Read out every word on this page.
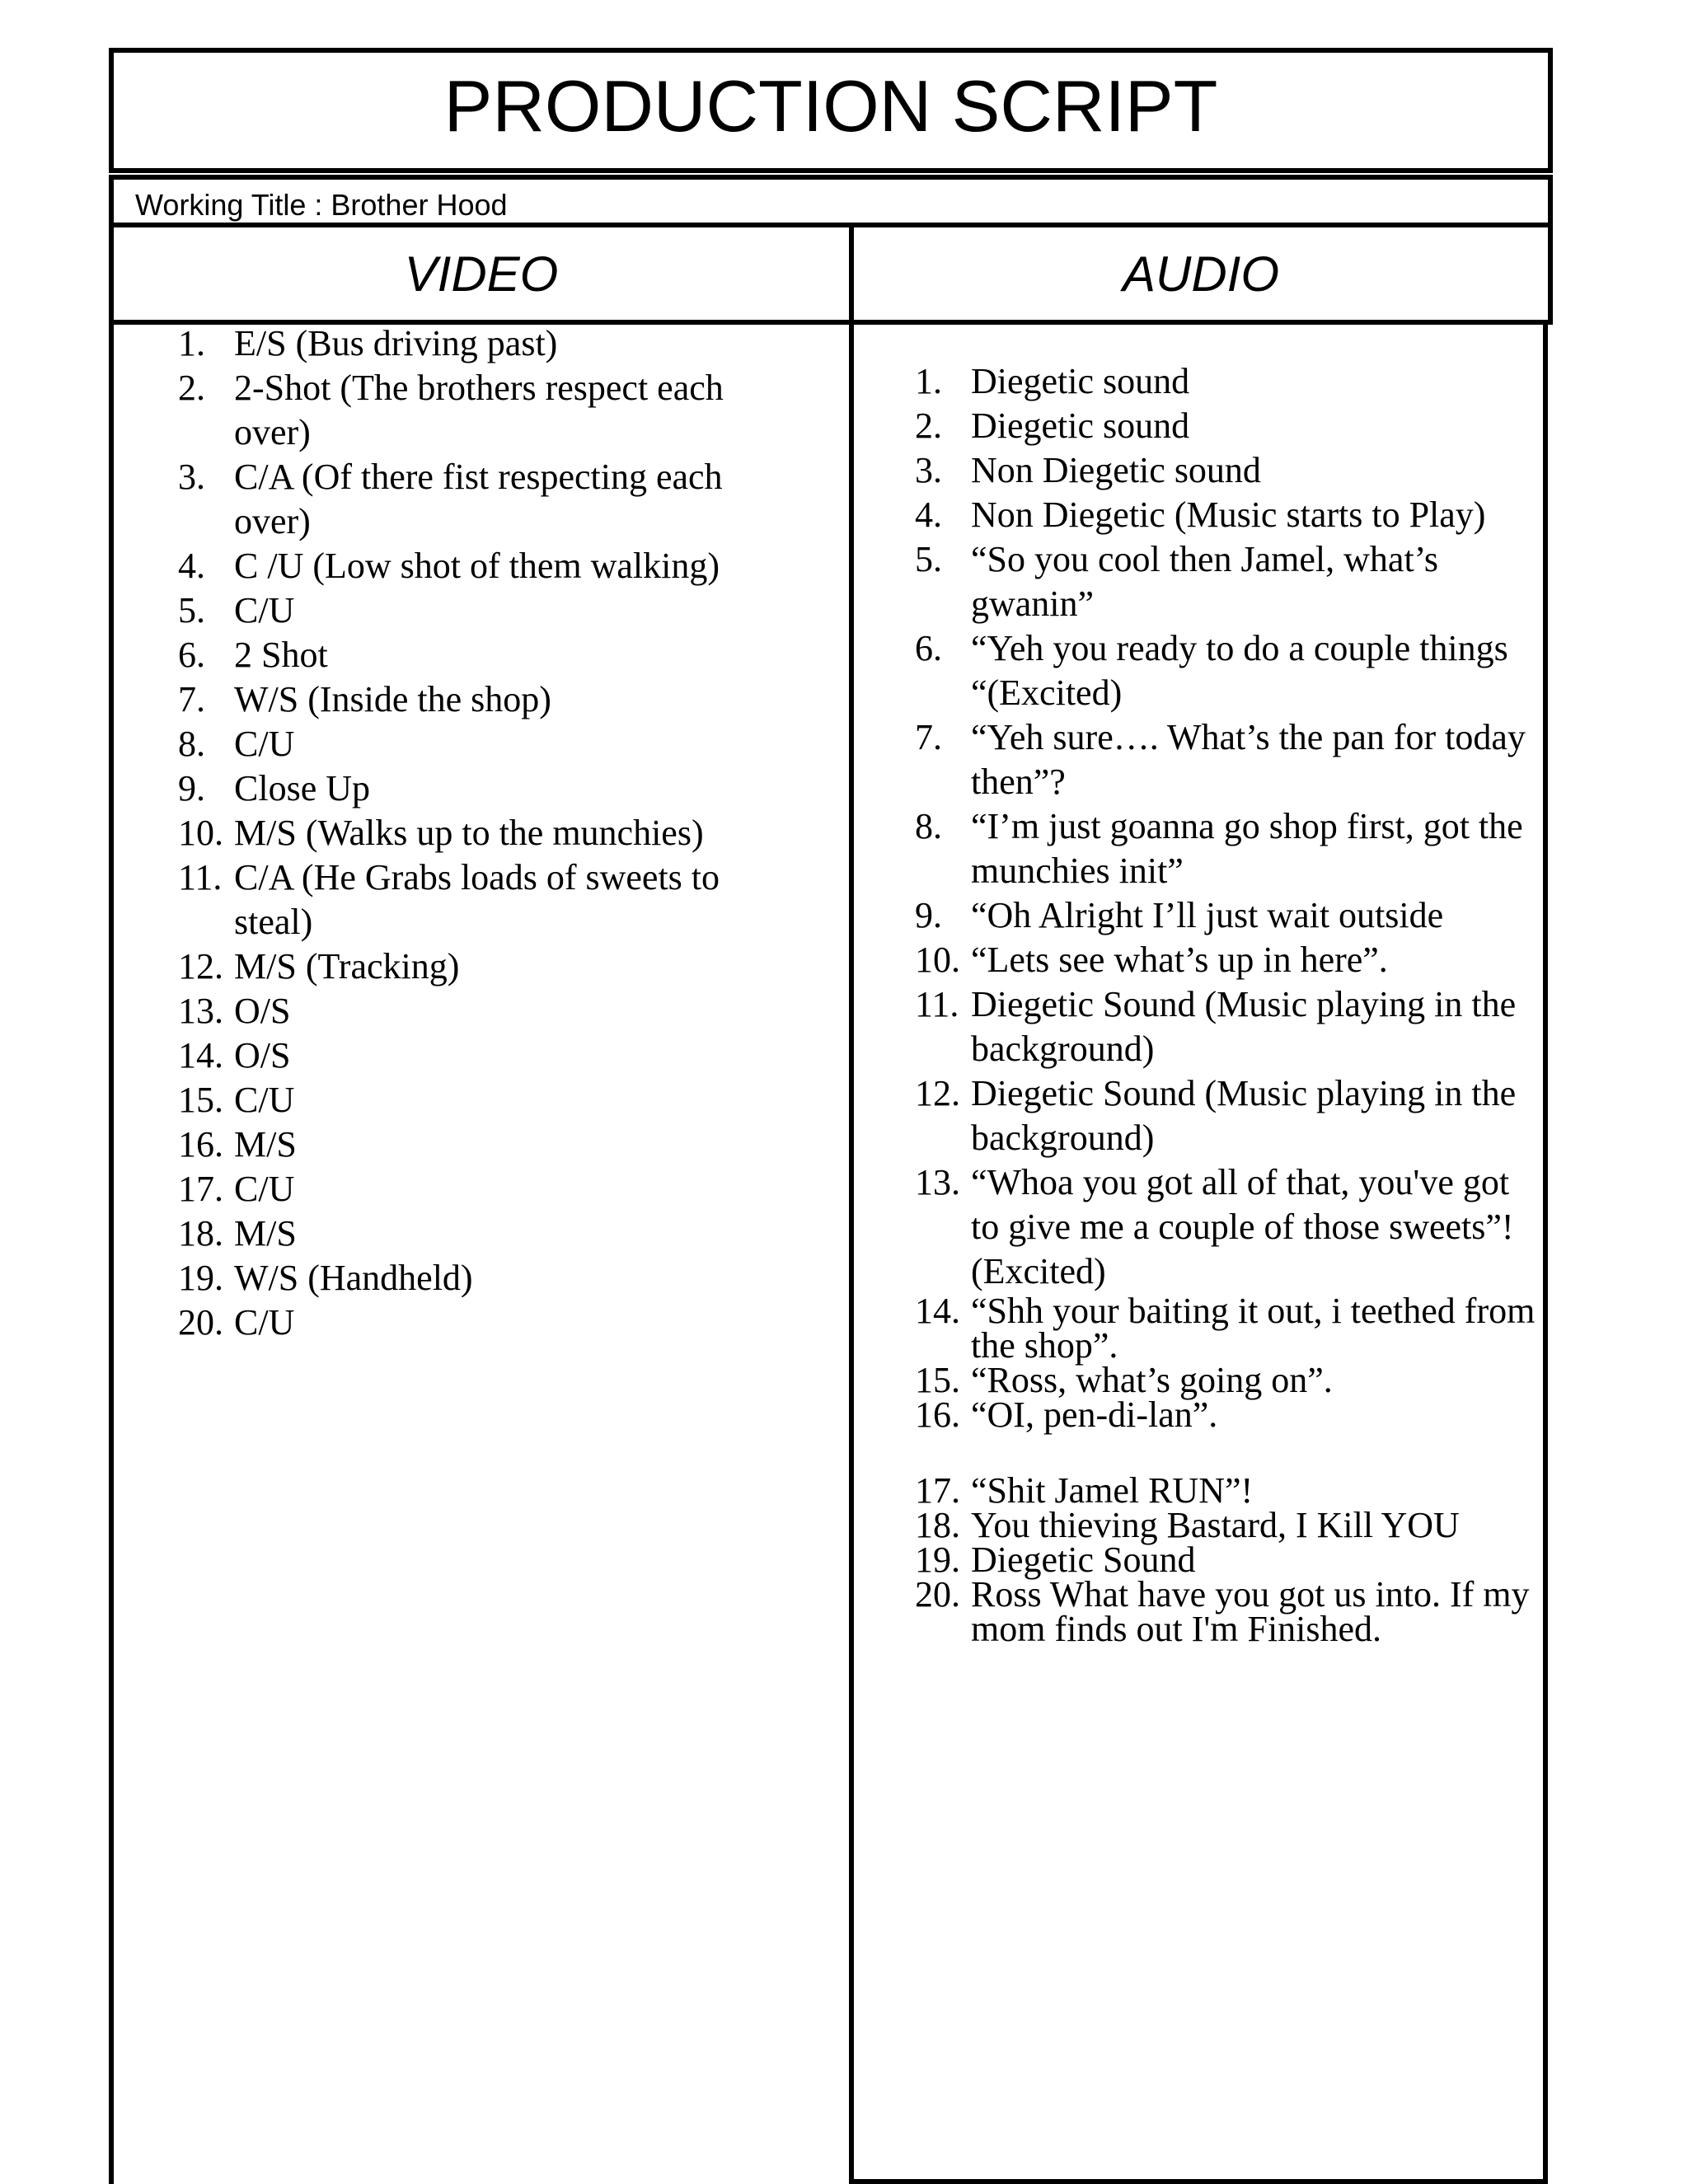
PRODUCTION SCRIPT
Working Title : Brother Hood
VIDEO	AUDIO
1. E/S (Bus driving past)
2. 2-Shot (The brothers respect each over)
3. C/A (Of there fist respecting each over)
4. C /U (Low shot of them walking)
5. C/U
6. 2 Shot
7. W/S (Inside the shop)
8. C/U
9. Close Up
10. M/S (Walks up to the munchies)
11. C/A (He Grabs loads of sweets to steal)
12. M/S (Tracking)
13. O/S
14. O/S
15. C/U
16. M/S
17. C/U
18. M/S
19. W/S (Handheld)
20. C/U
1. Diegetic sound
2. Diegetic sound
3. Non Diegetic sound
4. Non Diegetic (Music starts to Play)
5. “So you cool then Jamel, what’s gwanin”
6. “Yeh you ready to do a couple things “(Excited)
7. “Yeh sure…. What’s the pan for today then”?
8. “I’m just goanna go shop first, got the munchies init”
9. “Oh Alright I’ll just wait outside
10. “Lets see what’s up in here”.
11. Diegetic Sound (Music playing in the background)
12. Diegetic Sound (Music playing in the background)
13. “Whoa you got all of that, you've got to give me a couple of those sweets”! (Excited)
14. “Shh your baiting it out, i teethed from the shop”.
15. “Ross, what’s going on”.
16. “OI, pen-di-lan”.
17. “Shit Jamel RUN”!
18. You thieving Bastard, I Kill YOU
19. Diegetic Sound
20. Ross What have you got us into. If my mom finds out I'm Finished.
